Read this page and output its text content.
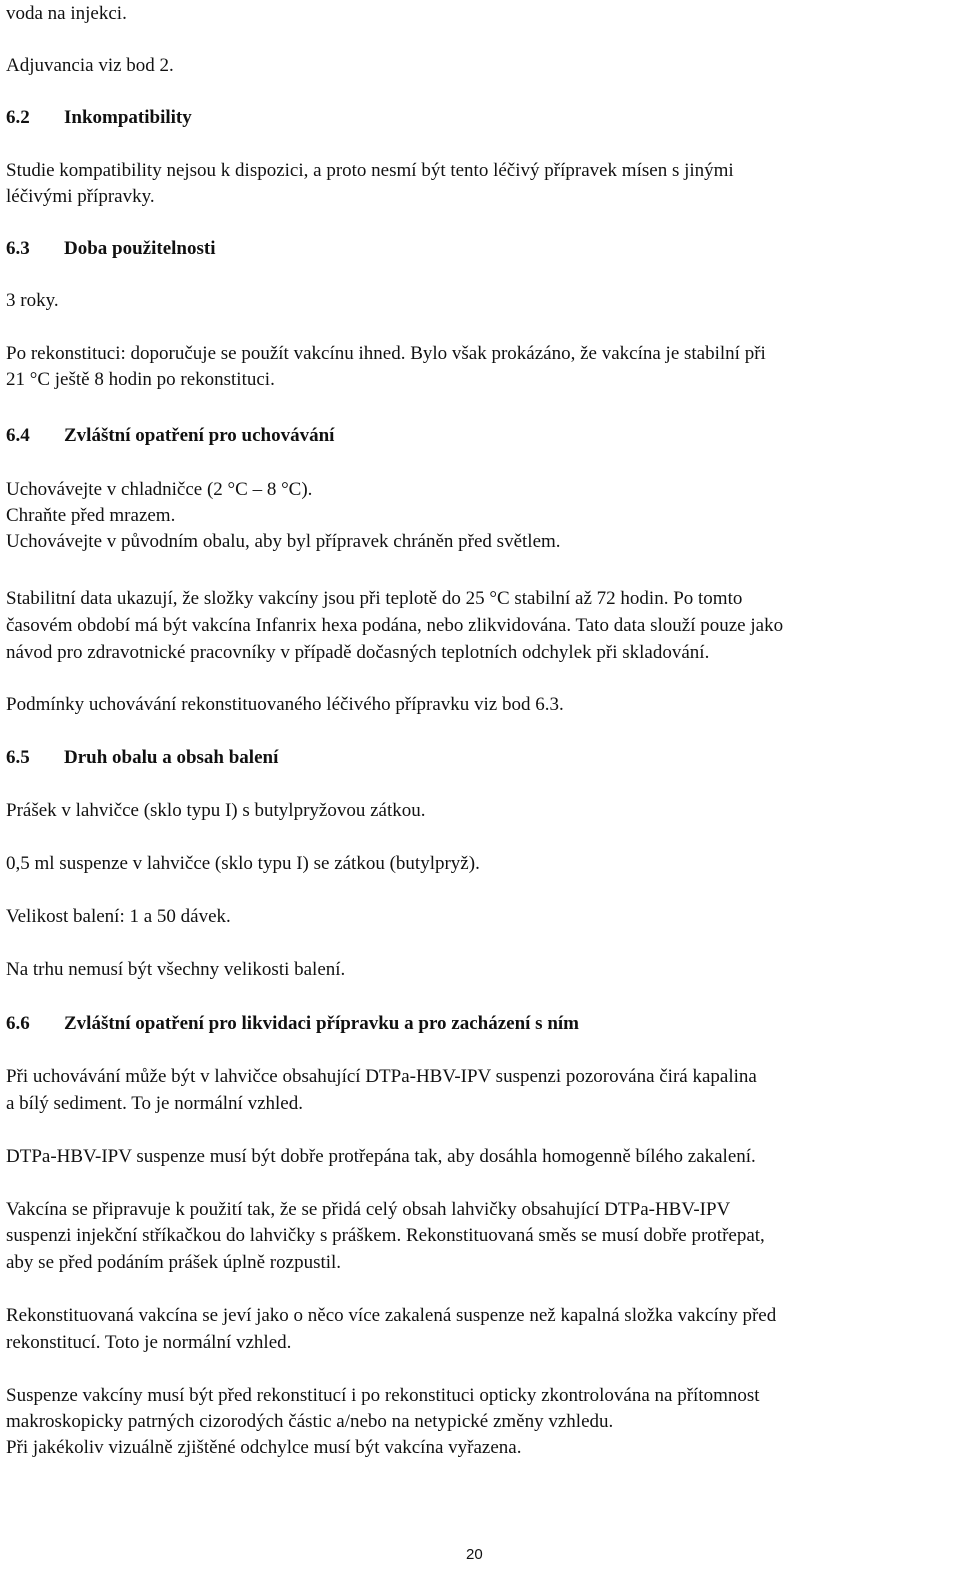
voda na injekci.
Adjuvancia viz bod 2.
6.2 Inkompatibility
Studie kompatibility nejsou k dispozici, a proto nesmí být tento léčivý přípravek mísen s jinými
léčivými přípravky.
6.3 Doba použitelnosti
3 roky.
Po rekonstituci: doporučuje se použít vakcínu ihned. Bylo však prokázáno, že vakcína je stabilní při
21 °C ještě 8 hodin po rekonstituci.
6.4 Zvláštní opatření pro uchovávání
Uchovávejte v chladničce (2 °C – 8 °C).
Chraňte před mrazem.
Uchovávejte v původním obalu, aby byl přípravek chráněn před světlem.
Stabilitní data ukazují, že složky vakcíny jsou při teplotě do 25 °C stabilní až 72 hodin. Po tomto
časovém období má být vakcína Infanrix hexa podána, nebo zlikvidována. Tato data slouží pouze jako
návod pro zdravotnické pracovníky v případě dočasných teplotních odchylek při skladování.
Podmínky uchovávání rekonstituovaného léčivého přípravku viz bod 6.3.
6.5 Druh obalu a obsah balení
Prášek v lahvičce (sklo typu I) s butylpryžovou zátkou.
0,5 ml suspenze v lahvičce (sklo typu I) se zátkou (butylpryž).
Velikost balení: 1 a 50 dávek.
Na trhu nemusí být všechny velikosti balení.
6.6 Zvláštní opatření pro likvidaci přípravku a pro zacházení s ním
Při uchovávání může být v lahvičce obsahující DTPa-HBV-IPV suspenzi pozorována čirá kapalina
a bílý sediment. To je normální vzhled.
DTPa-HBV-IPV suspenze musí být dobře protřepána tak, aby dosáhla homogenně bílého zakalení.
Vakcína se připravuje k použití tak, že se přidá celý obsah lahvičky obsahující DTPa-HBV-IPV
suspenzi injekční stříkačkou do lahvičky s práškem. Rekonstituovaná směs se musí dobře protřepat,
aby se před podáním prášek úplně rozpustil.
Rekonstituovaná vakcína se jeví jako o něco více zakalená suspenze než kapalná složka vakcíny před
rekonstitucí. Toto je normální vzhled.
Suspenze vakcíny musí být před rekonstitucí i po rekonstituci opticky zkontrolována na přítomnost
makroskopicky patrných cizorodých částic a/nebo na netypické změny vzhledu.
Při jakékoliv vizuálně zjištěné odchylce musí být vakcína vyřazena.
20
